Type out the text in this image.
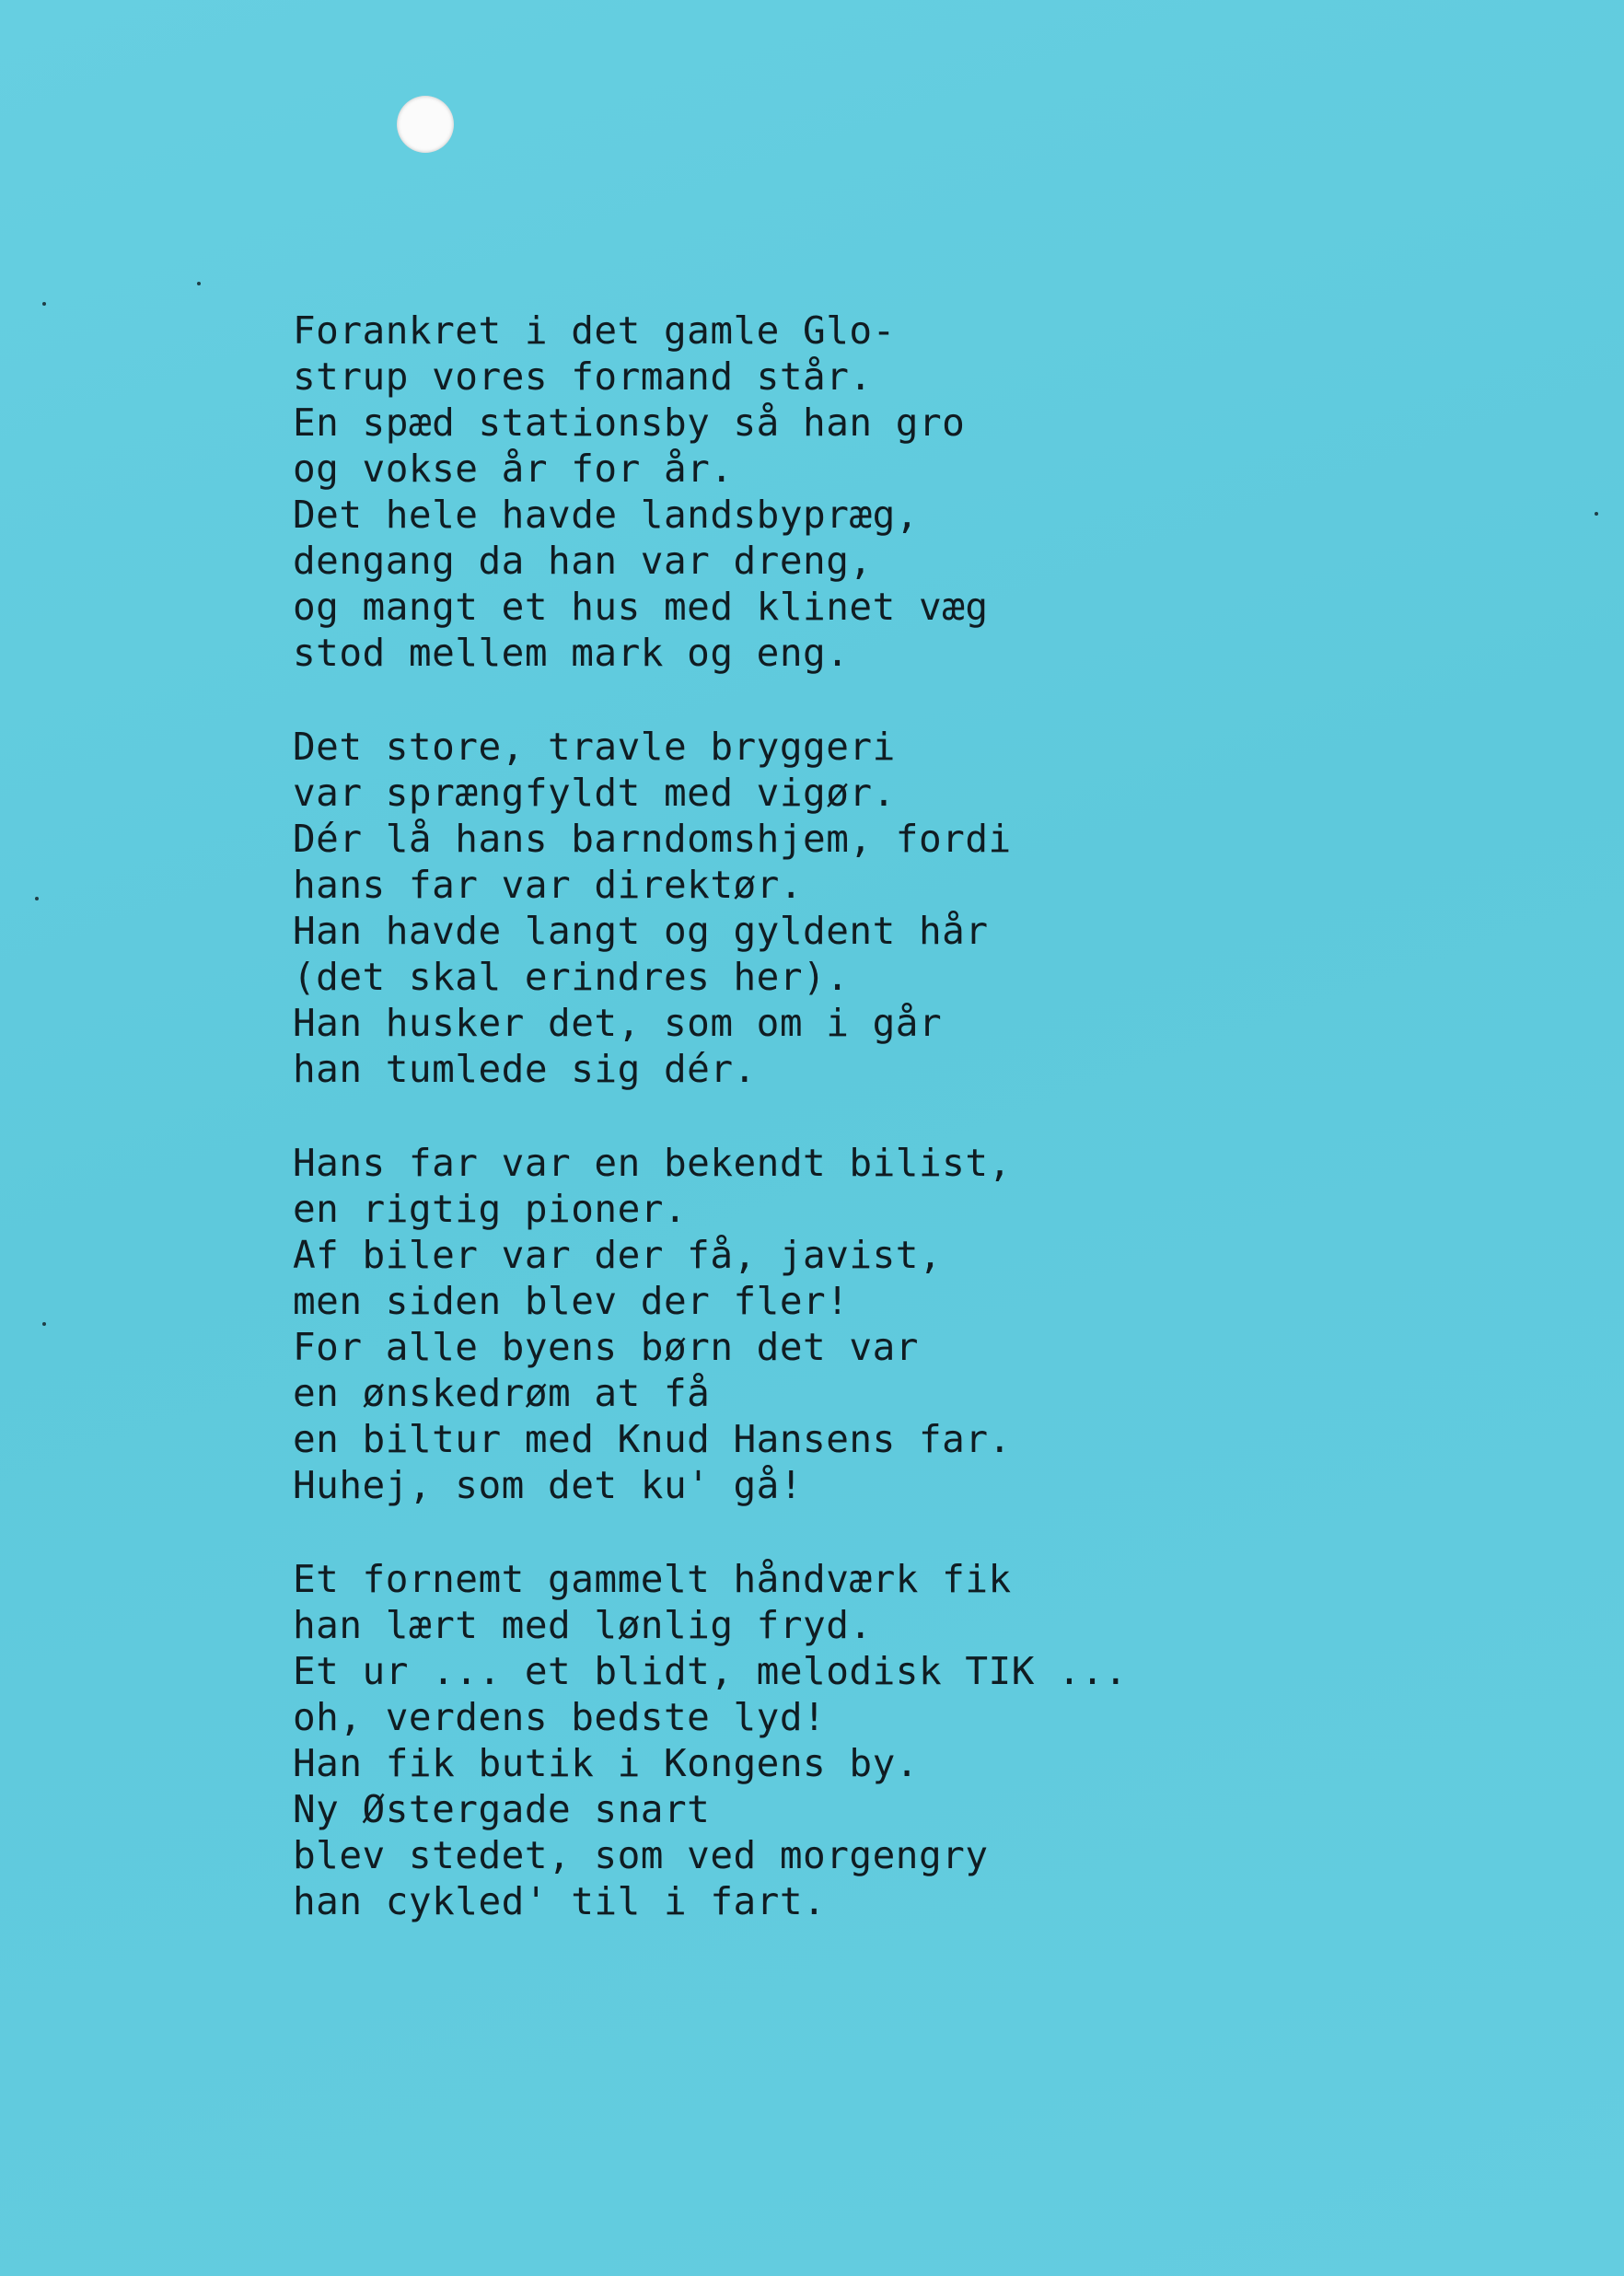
Forankret i det gamle Glo-
strup vores formand står.
En spæd stationsby så han gro
og vokse år for år.
Det hele havde landsbypræg,
dengang da han var dreng,
og mangt et hus med klinet væg
stod mellem mark og eng.
Det store, travle bryggeri
var sprængfyldt med vigør.
Dér lå hans barndomshjem, fordi
hans far var direktør.
Han havde langt og gyldent hår
(det skal erindres her).
Han husker det, som om i går
han tumlede sig dér.
Hans far var en bekendt bilist,
en rigtig pioner.
Af biler var der få, javist,
men siden blev der fler!
For alle byens børn det var
en ønskedrøm at få
en biltur med Knud Hansens far.
Huhej, som det ku' gå!
Et fornemt gammelt håndværk fik
han lært med lønlig fryd.
Et ur ... et blidt, melodisk TIK ...
oh, verdens bedste lyd!
Han fik butik i Kongens by.
Ny Østergade snart
blev stedet, som ved morgengry
han cykled' til i fart.
